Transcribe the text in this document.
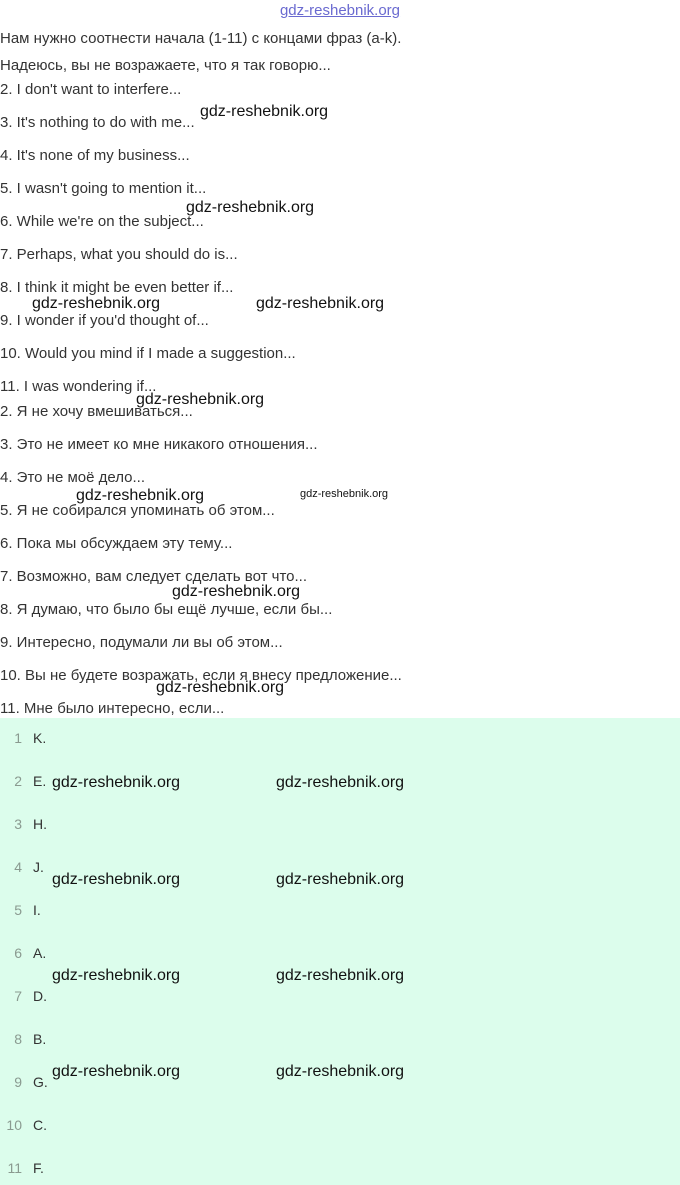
gdz-reshebnik.org
Нам нужно соотнести начала (1-11) с концами фраз (a-k).
Надеюсь, вы не возражаете, что я так говорю...
2. I don't want to interfere...
3. It's nothing to do with me...
4. It's none of my business...
5. I wasn't going to mention it...
6. While we're on the subject...
7. Perhaps, what you should do is...
8. I think it might be even better if...
9. I wonder if you'd thought of...
10. Would you mind if I made a suggestion...
11. I was wondering if...
2. Я не хочу вмешиваться...
3. Это не имеет ко мне никакого отношения...
4. Это не моё дело...
5. Я не собирался упоминать об этом...
6. Пока мы обсуждаем эту тему...
7. Возможно, вам следует сделать вот что...
8. Я думаю, что было бы ещё лучше, если бы...
9. Интересно, подумали ли вы об этом...
10. Вы не будете возражать, если я внесу предложение...
11. Мне было интересно, если...
1 K.
2 E.
3 H.
4 J.
5 I.
6 A.
7 D.
8 B.
9 G.
10 C.
11 F.
gdz-reshebnik.org
gdz-reshebnik.org
gdz-reshebnik.org	gdz-reshebnik.org
gdz-reshebnik.org
gdz-reshebnik.org	gdz-reshebnik.org
gdz-reshebnik.org
gdz-reshebnik.org
gdz-reshebnik.org	gdz-reshebnik.org
gdz-reshebnik.org	gdz-reshebnik.org
gdz-reshebnik.org	gdz-reshebnik.org
gdz-reshebnik.org	gdz-reshebnik.org
